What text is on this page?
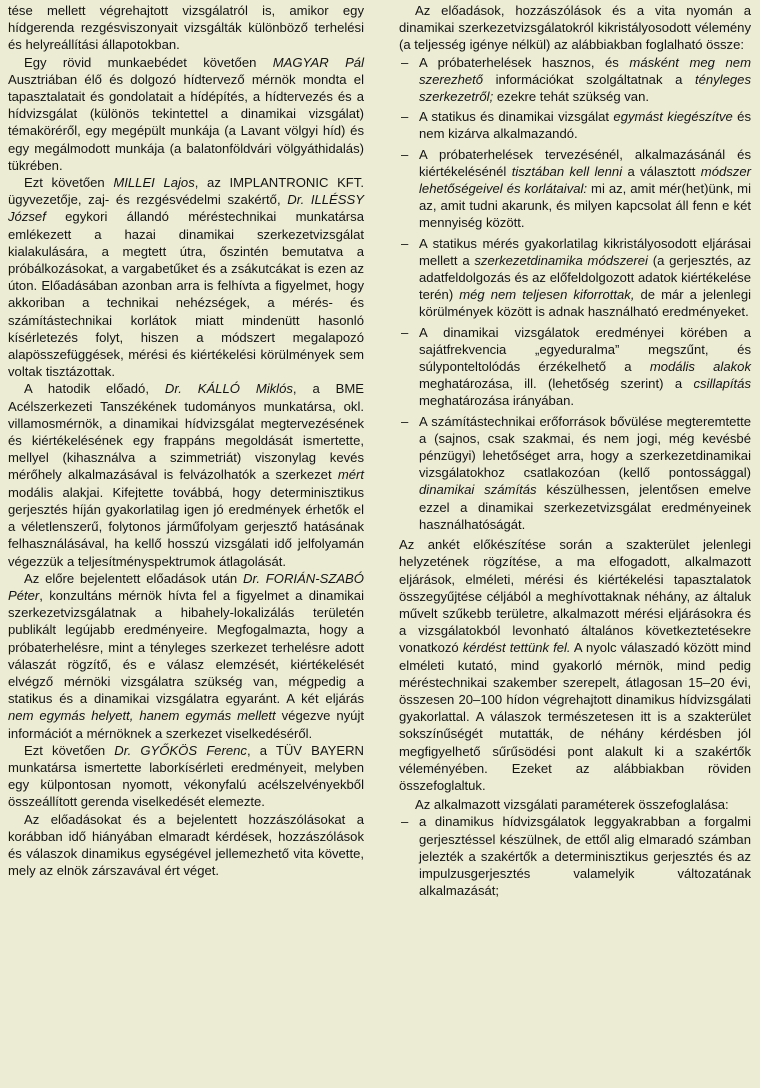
tése mellett végrehajtott vizsgálatról is, amikor egy hídgerenda rezgésviszonyait vizsgálták különböző terhelési és helyreállítási állapotokban.

Egy rövid munkaebédet követően MAGYAR Pál Ausztriában élő és dolgozó hídtervező mérnök mondta el tapasztalatait és gondolatait a hídépítés, a hídtervezés és a hídvizsgálat (különös tekintettel a dinamikai vizsgálat) témaköréről, egy megépült munkája (a Lavant völgyi híd) és egy megálmodott munkája (a balatonföldvári völgyáthidalás) tükrében.

Ezt követően MILLEI Lajos, az IMPLANTRONIC KFT. ügyvezetője, zaj- és rezgésvédelmi szakértő, Dr. ILLÉSSY József egykori állandó méréstechnikai munkatársa emlékezett a hazai dinamikai szerkezetvizsgálat kialakulására, a megtett útra, őszintén bemutatva a próbálkozásokat, a vargabetűket és a zsákutcákat is ezen az úton. Előadásában azonban arra is felhívta a figyelmet, hogy akkoriban a technikai nehézségek, a mérés- és számítástechnikai korlátok miatt mindenütt hasonló kísérletezés folyt, hiszen a módszert megalapozó alapösszefüggések, mérési és kiértékelési körülmények sem voltak tisztázottak.

A hatodik előadó, Dr. KÁLLÓ Miklós, a BME Acélszerkezeti Tanszékének tudományos munkatársa, okl. villamosmérnök, a dinamikai hídvizsgálat megtervezésének és kiértékelésének egy frappáns megoldását ismertette, mellyel (kihasználva a szimmetriát) viszonylag kevés mérőhely alkalmazásával is felvázolhatók a szerkezet mért modális alakjai. Kifejtette továbbá, hogy determinisztikus gerjesztés híján gyakorlatilag igen jó eredmények érhetők el a véletlenszerű, folytonos járműfolyam gerjesztő hatásának felhasználásával, ha kellő hosszú vizsgálati idő jelfolyamán végezzük a teljesítményspektrumok átlagolását.

Az előre bejelentett előadások után Dr. FORIÁN-SZABÓ Péter, konzultáns mérnök hívta fel a figyelmet a dinamikai szerkezetvizsgálatnak a hibahely-lokalizálás területén publikált legújabb eredményeire. Megfogalmazta, hogy a próbaterhelésre, mint a tényleges szerkezet terhelésre adott válaszát rögzítő, és e válasz elemzését, kiértékelését elvégző mérnöki vizsgálatra szükség van, mégpedig a statikus és a dinamikai vizsgálatra egyaránt. A két eljárás nem egymás helyett, hanem egymás mellett végezve nyújt információt a mérnöknek a szerkezet viselkedéséről.

Ezt követően Dr. GYŐKÖS Ferenc, a TÜV BAYERN munkatársa ismertette laborkísérleti eredményeit, melyben egy külpontosan nyomott, vékonyfalú acélszelvényekből összeállított gerenda viselkedését elemezte.

Az előadásokat és a bejelentett hozzászólásokat a korábban idő hiányában elmaradt kérdések, hozzászólások és válaszok dinamikus egységével jellemezhető vita követte, mely az elnök zárszavával ért véget.

Az előadások, hozzászólások és a vita nyomán a dinamikai szerkezetvizsgálatokról kikristályosodott vélemény (a teljesség igénye nélkül) az alábbiakban foglalható össze:

– A próbaterhelések hasznos, és másként meg nem szerezhető információkat szolgáltatnak a tényleges szerkezetről; ezekre tehát szükség van.
– A statikus és dinamikai vizsgálat egymást kiegészítve és nem kizárva alkalmazandó.
– A próbaterhelések tervezésénél, alkalmazásánál és kiértékelésénél tisztában kell lenni a választott módszer lehetőségeivel és korlátaival: mi az, amit mér(het)ünk, mi az, amit tudni akarunk, és milyen kapcsolat áll fenn e két mennyiség között.
– A statikus mérés gyakorlatilag kikristályosodott eljárásai mellett a szerkezetdinamika módszerei (a gerjesztés, az adatfeldolgozás és az előfeldolgozott adatok kiértékelése terén) még nem teljesen kiforrottak, de már a jelenlegi körülmények között is adnak használható eredményeket.
– A dinamikai vizsgálatok eredményei körében a sajátfrekvencia „egyeduralma” megszűnt, és súlyponteltolódás érzékelhető a modális alakok meghatározása, ill. (lehetőség szerint) a csillapítás meghatározása irányában.
– A számítástechnikai erőforrások bővülése megteremtette a (sajnos, csak szakmai, és nem jogi, még kevésbé pénzügyi) lehetőséget arra, hogy a szerkezetdinamikai vizsgálatokhoz csatlakozóan (kellő pontossággal) dinamikai számítás készülhessen, jelentősen emelve ezzel a dinamikai szerkezetvizsgálat eredményeinek használhatóságát.

Az ankét előkészítése során a szakterület jelenlegi helyzetének rögzítése, a ma elfogadott, alkalmazott eljárások, elméleti, mérési és kiértékelési tapasztalatok összegyűjtése céljából a meghívottaknak néhány, az általuk művelt szűkebb területre, alkalmazott mérési eljárásokra és a vizsgálatokból levonható általános következtetésekre vonatkozó kérdést tettünk fel. A nyolc válaszadó között mind elméleti kutató, mind gyakorló mérnök, mind pedig méréstechnikai szakember szerepelt, átlagosan 15–20 évi, összesen 20–100 hídon végrehajtott dinamikus hídvizsgálati gyakorlattal. A válaszok természetesen itt is a szakterület sokszínűségét mutatták, de néhány kérdésben jól megfigyelhető sűrűsödési pont alakult ki a szakértők véleményében. Ezeket az alábbiakban röviden összefoglaltuk.

Az alkalmazott vizsgálati paraméterek összefoglalása:

– a dinamikus hídvizsgálatok leggyakrabban a forgalmi gerjesztéssel készülnek, de ettől alig elmaradó számban jelezték a szakértők a determinisztikus gerjesztés és az impulzusgerjesztés valamelyik változatának alkalmazását;
